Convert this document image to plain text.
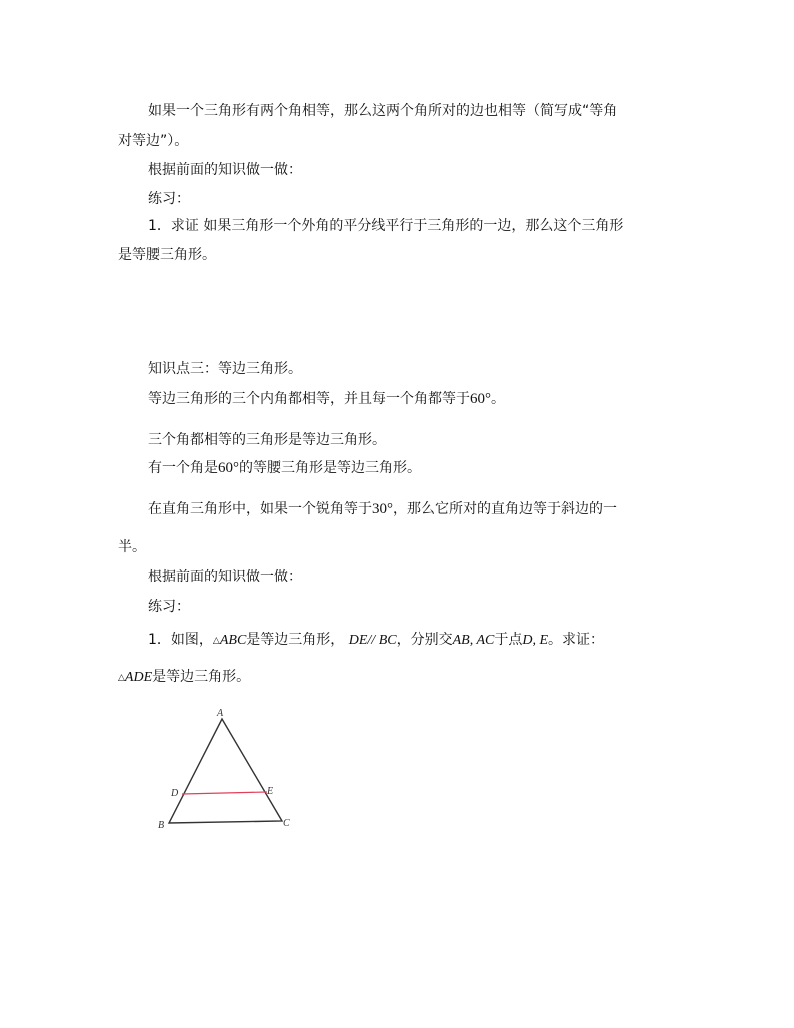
如果一个三角形有两个角相等，那么这两个角所对的边也相等（简写成“等角
对等边”）。
根据前面的知识做一做：
练习：
1．求证 如果三角形一个外角的平分线平行于三角形的一边，那么这个三角形
是等腰三角形。
知识点三：等边三角形。
等边三角形的三个内角都相等，并且每一个角都等于60°。
三个角都相等的三角形是等边三角形。
有一个角是60°的等腰三角形是等边三角形。
在直角三角形中，如果一个锐角等于30°，那么它所对的直角边等于斜边的一
半。
根据前面的知识做一做：
练习：
1．如图，△ABC是等边三角形， DE// BC，分别交AB, AC于点D, E。求证：
△ADE是等边三角形。
A
B	C
D	E
